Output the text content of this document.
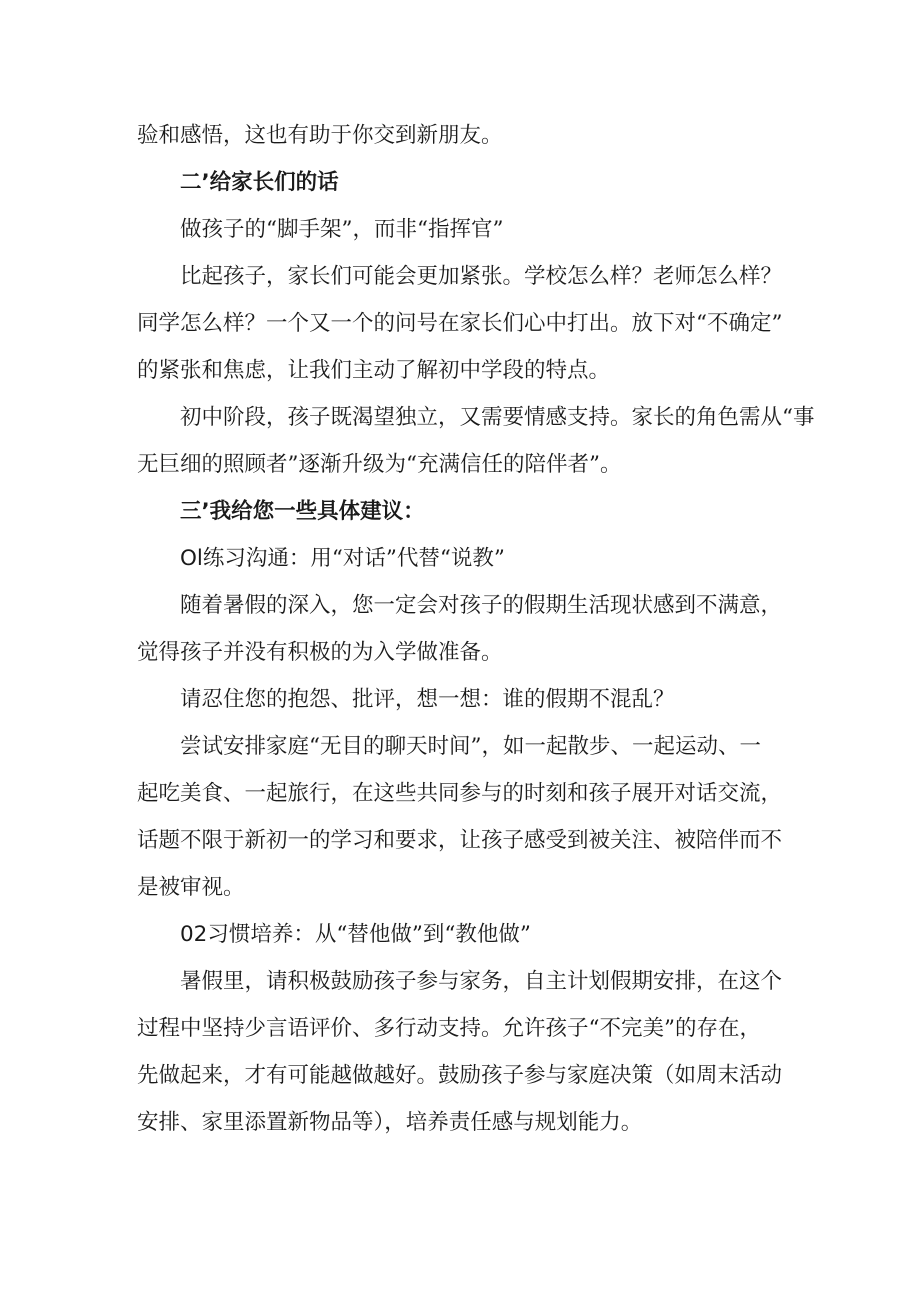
验和感悟，这也有助于你交到新朋友。

二’给家长们的话

做孩子的“脚手架”，而非“指挥官”

比起孩子，家长们可能会更加紧张。学校怎么样？老师怎么样？
同学怎么样？一个又一个的问号在家长们心中打出。放下对“不确定”
的紧张和焦虑，让我们主动了解初中学段的特点。

初中阶段，孩子既渴望独立，又需要情感支持。家长的角色需从“事
无巨细的照顾者”逐渐升级为“充满信任的陪伴者”。

三’我给您一些具体建议：

Ol练习沟通：用“对话”代替“说教”

随着暑假的深入，您一定会对孩子的假期生活现状感到不满意，
觉得孩子并没有积极的为入学做准备。

请忍住您的抱怨、批评，想一想：谁的假期不混乱？

尝试安排家庭“无目的聊天时间”，如一起散步、一起运动、一
起吃美食、一起旅行，在这些共同参与的时刻和孩子展开对话交流，
话题不限于新初一的学习和要求，让孩子感受到被关注、被陪伴而不
是被审视。

02习惯培养：从“替他做”到“教他做”

暑假里，请积极鼓励孩子参与家务，自主计划假期安排，在这个
过程中坚持少言语评价、多行动支持。允许孩子“不完美”的存在，
先做起来，才有可能越做越好。鼓励孩子参与家庭决策（如周末活动
安排、家里添置新物品等），培养责任感与规划能力。
